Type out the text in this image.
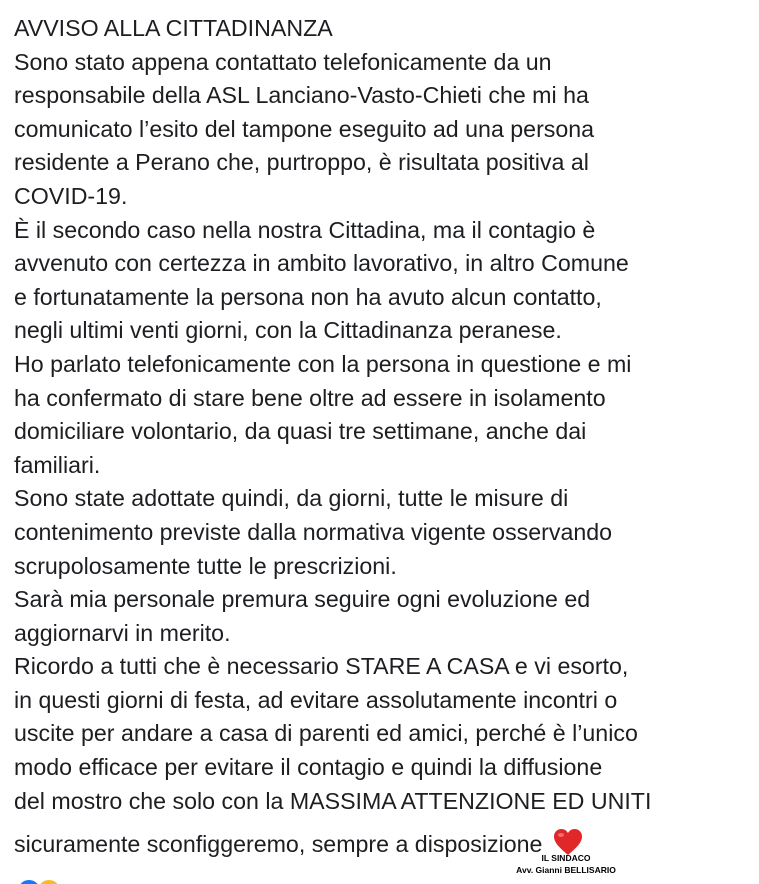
AVVISO ALLA CITTADINANZA
Sono stato appena contattato telefonicamente da un
responsabile della ASL Lanciano-Vasto-Chieti che mi ha
comunicato l’esito del tampone eseguito ad una persona
residente a Perano che, purtroppo, è risultata positiva al
COVID-19.
È il secondo caso nella nostra Cittadina, ma il contagio è
avvenuto con certezza in ambito lavorativo, in altro Comune
e fortunatamente la persona non ha avuto alcun contatto,
negli ultimi venti giorni, con la Cittadinanza peranese.
Ho parlato telefonicamente con la persona in questione e mi
ha confermato di stare bene oltre ad essere in isolamento
domiciliare volontario, da quasi tre settimane, anche dai
familiari.
Sono state adottate quindi, da giorni, tutte le misure di
contenimento previste dalla normativa vigente osservando
scrupolosamente tutte le prescrizioni.
Sarà mia personale premura seguire ogni evoluzione ed
aggiornarvi in merito.
Ricordo a tutti che è necessario STARE A CASA e vi esorto,
in questi giorni di festa, ad evitare assolutamente incontri o
uscite per andare a casa di parenti ed amici, perché è l’unico
modo efficace per evitare il contagio e quindi la diffusione
del mostro che solo con la MASSIMA ATTENZIONE ED UNITI
sicuramente sconfiggeremo, sempre a disposizione
IL SINDACO
Avv. Gianni BELLISARIO
